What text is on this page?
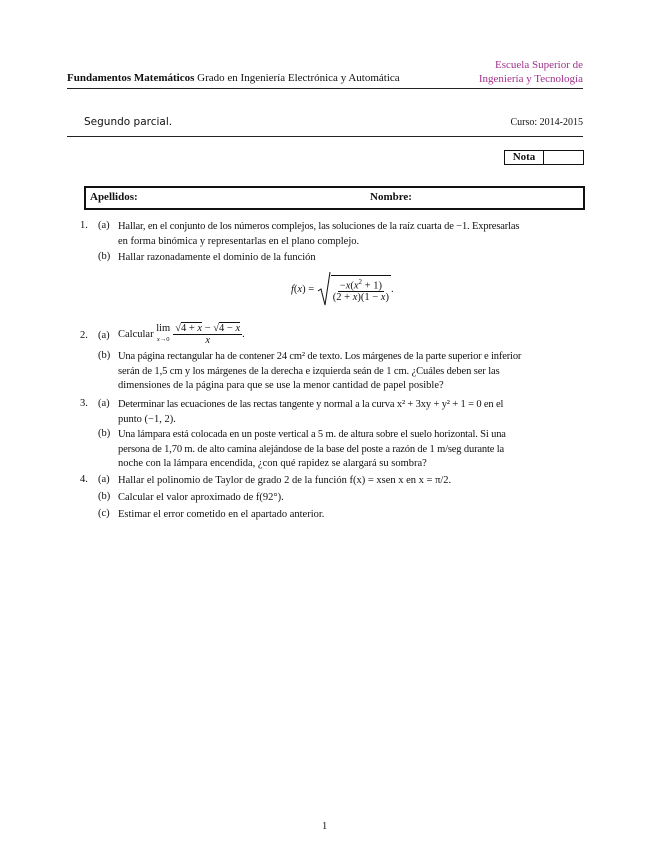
Fundamentos Matemáticos Grado en Ingeniería Electrónica y Automática
Escuela Superior de
Ingeniería y Tecnología
Segundo parcial.	Curso: 2014-2015
Nota
Apellidos:	Nombre:
1. (a) Hallar, en el conjunto de los números complejos, las soluciones de la raíz cuarta de −1. Expresarlas
en forma binómica y representarlas en el plano complejo.
(b) Hallar razonadamente el dominio de la función
f ( x ) = $\frac{-x(x^2 + 1)}{(2 + x)(1 - x)}$ .
2. (a) Calcular
lim
$x\to 0 \frac{√4 + x - √4 - x}{x}$ .
(b) Una página rectangular ha de contener 24 cm² de texto. Los márgenes de la parte superior e inferior
serán de 1,5 cm y los márgenes de la derecha e izquierda seán de 1 cm. ¿Cuáles deben ser las
dimensiones de la página para que se use la menor cantidad de papel posible?
3. (a) Determinar las ecuaciones de las rectas tangente y normal a la curva x² + 3xy + y² + 1 = 0 en el
punto (−1, 2).
(b) Una lámpara está colocada en un poste vertical a 5 m. de altura sobre el suelo horizontal. Si una
persona de 1,70 m. de alto camina alejándose de la base del poste a razón de 1 m/seg durante la
noche con la lámpara encendida, ¿con qué rapidez se alargará su sombra?
4. (a) Hallar el polinomio de Taylor de grado 2 de la función f(x) = xsen x en x = π/2.
(b) Calcular el valor aproximado de f(92°).
(c) Estimar el error cometido en el apartado anterior.
1
